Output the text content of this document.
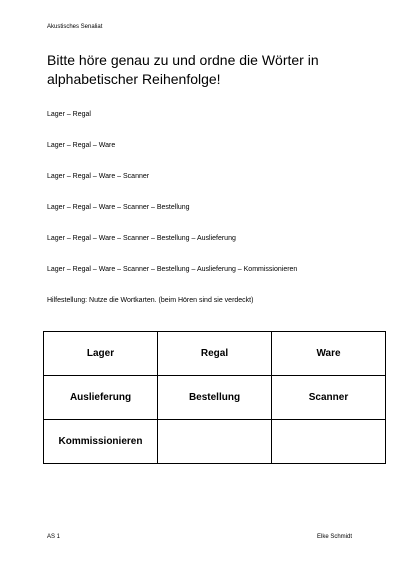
Akustisches Senaliat
Bitte höre genau zu und ordne die Wörter in alphabetischer Reihenfolge!
Lager – Regal
Lager – Regal – Ware
Lager – Regal – Ware – Scanner
Lager – Regal – Ware – Scanner – Bestellung
Lager – Regal – Ware – Scanner – Bestellung – Auslieferung
Lager – Regal – Ware – Scanner – Bestellung – Auslieferung – Kommissionieren
Hilfestellung: Nutze die Wortkarten. (beim Hören sind sie verdeckt)
Lager	Regal	Ware
Auslieferung	Bestellung	Scanner
Kommissionieren		
AS 1	Elke Schmidt
